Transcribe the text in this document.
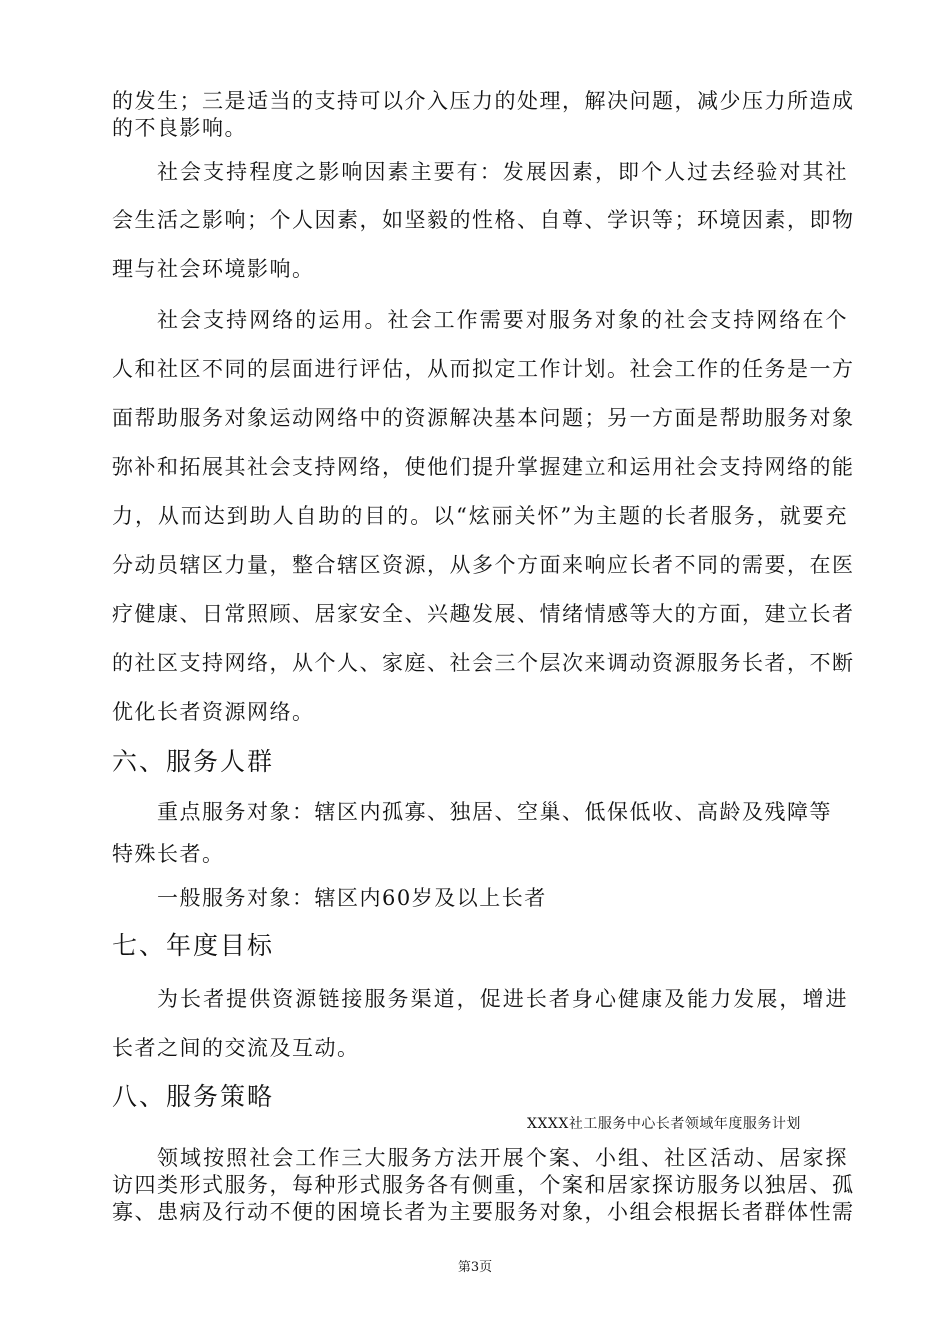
的发生；三是适当的支持可以介入压力的处理，解决问题，减少压力所造成
的不良影响。
社会支持程度之影响因素主要有：发展因素，即个人过去经验对其社
会生活之影响；个人因素，如坚毅的性格、自尊、学识等；环境因素，即物
理与社会环境影响。
社会支持网络的运用。社会工作需要对服务对象的社会支持网络在个
人和社区不同的层面进行评估，从而拟定工作计划。社会工作的任务是一方
面帮助服务对象运动网络中的资源解决基本问题；另一方面是帮助服务对象
弥补和拓展其社会支持网络，使他们提升掌握建立和运用社会支持网络的能
力，从而达到助人自助的目的。以“炫丽关怀”为主题的长者服务，就要充
分动员辖区力量，整合辖区资源，从多个方面来响应长者不同的需要，在医
疗健康、日常照顾、居家安全、兴趣发展、情绪情感等大的方面，建立长者
的社区支持网络，从个人、家庭、社会三个层次来调动资源服务长者，不断
优化长者资源网络。
六、服务人群
重点服务对象：辖区内孤寡、独居、空巢、低保低收、高龄及残障等
特殊长者。
一般服务对象：辖区内60岁及以上长者
七、年度目标
为长者提供资源链接服务渠道，促进长者身心健康及能力发展，增进
长者之间的交流及互动。
八、服务策略
XXXX社工服务中心长者领域年度服务计划
领域按照社会工作三大服务方法开展个案、小组、社区活动、居家探
访四类形式服务，每种形式服务各有侧重，个案和居家探访服务以独居、孤
寡、患病及行动不便的困境长者为主要服务对象，小组会根据长者群体性需
第3页
